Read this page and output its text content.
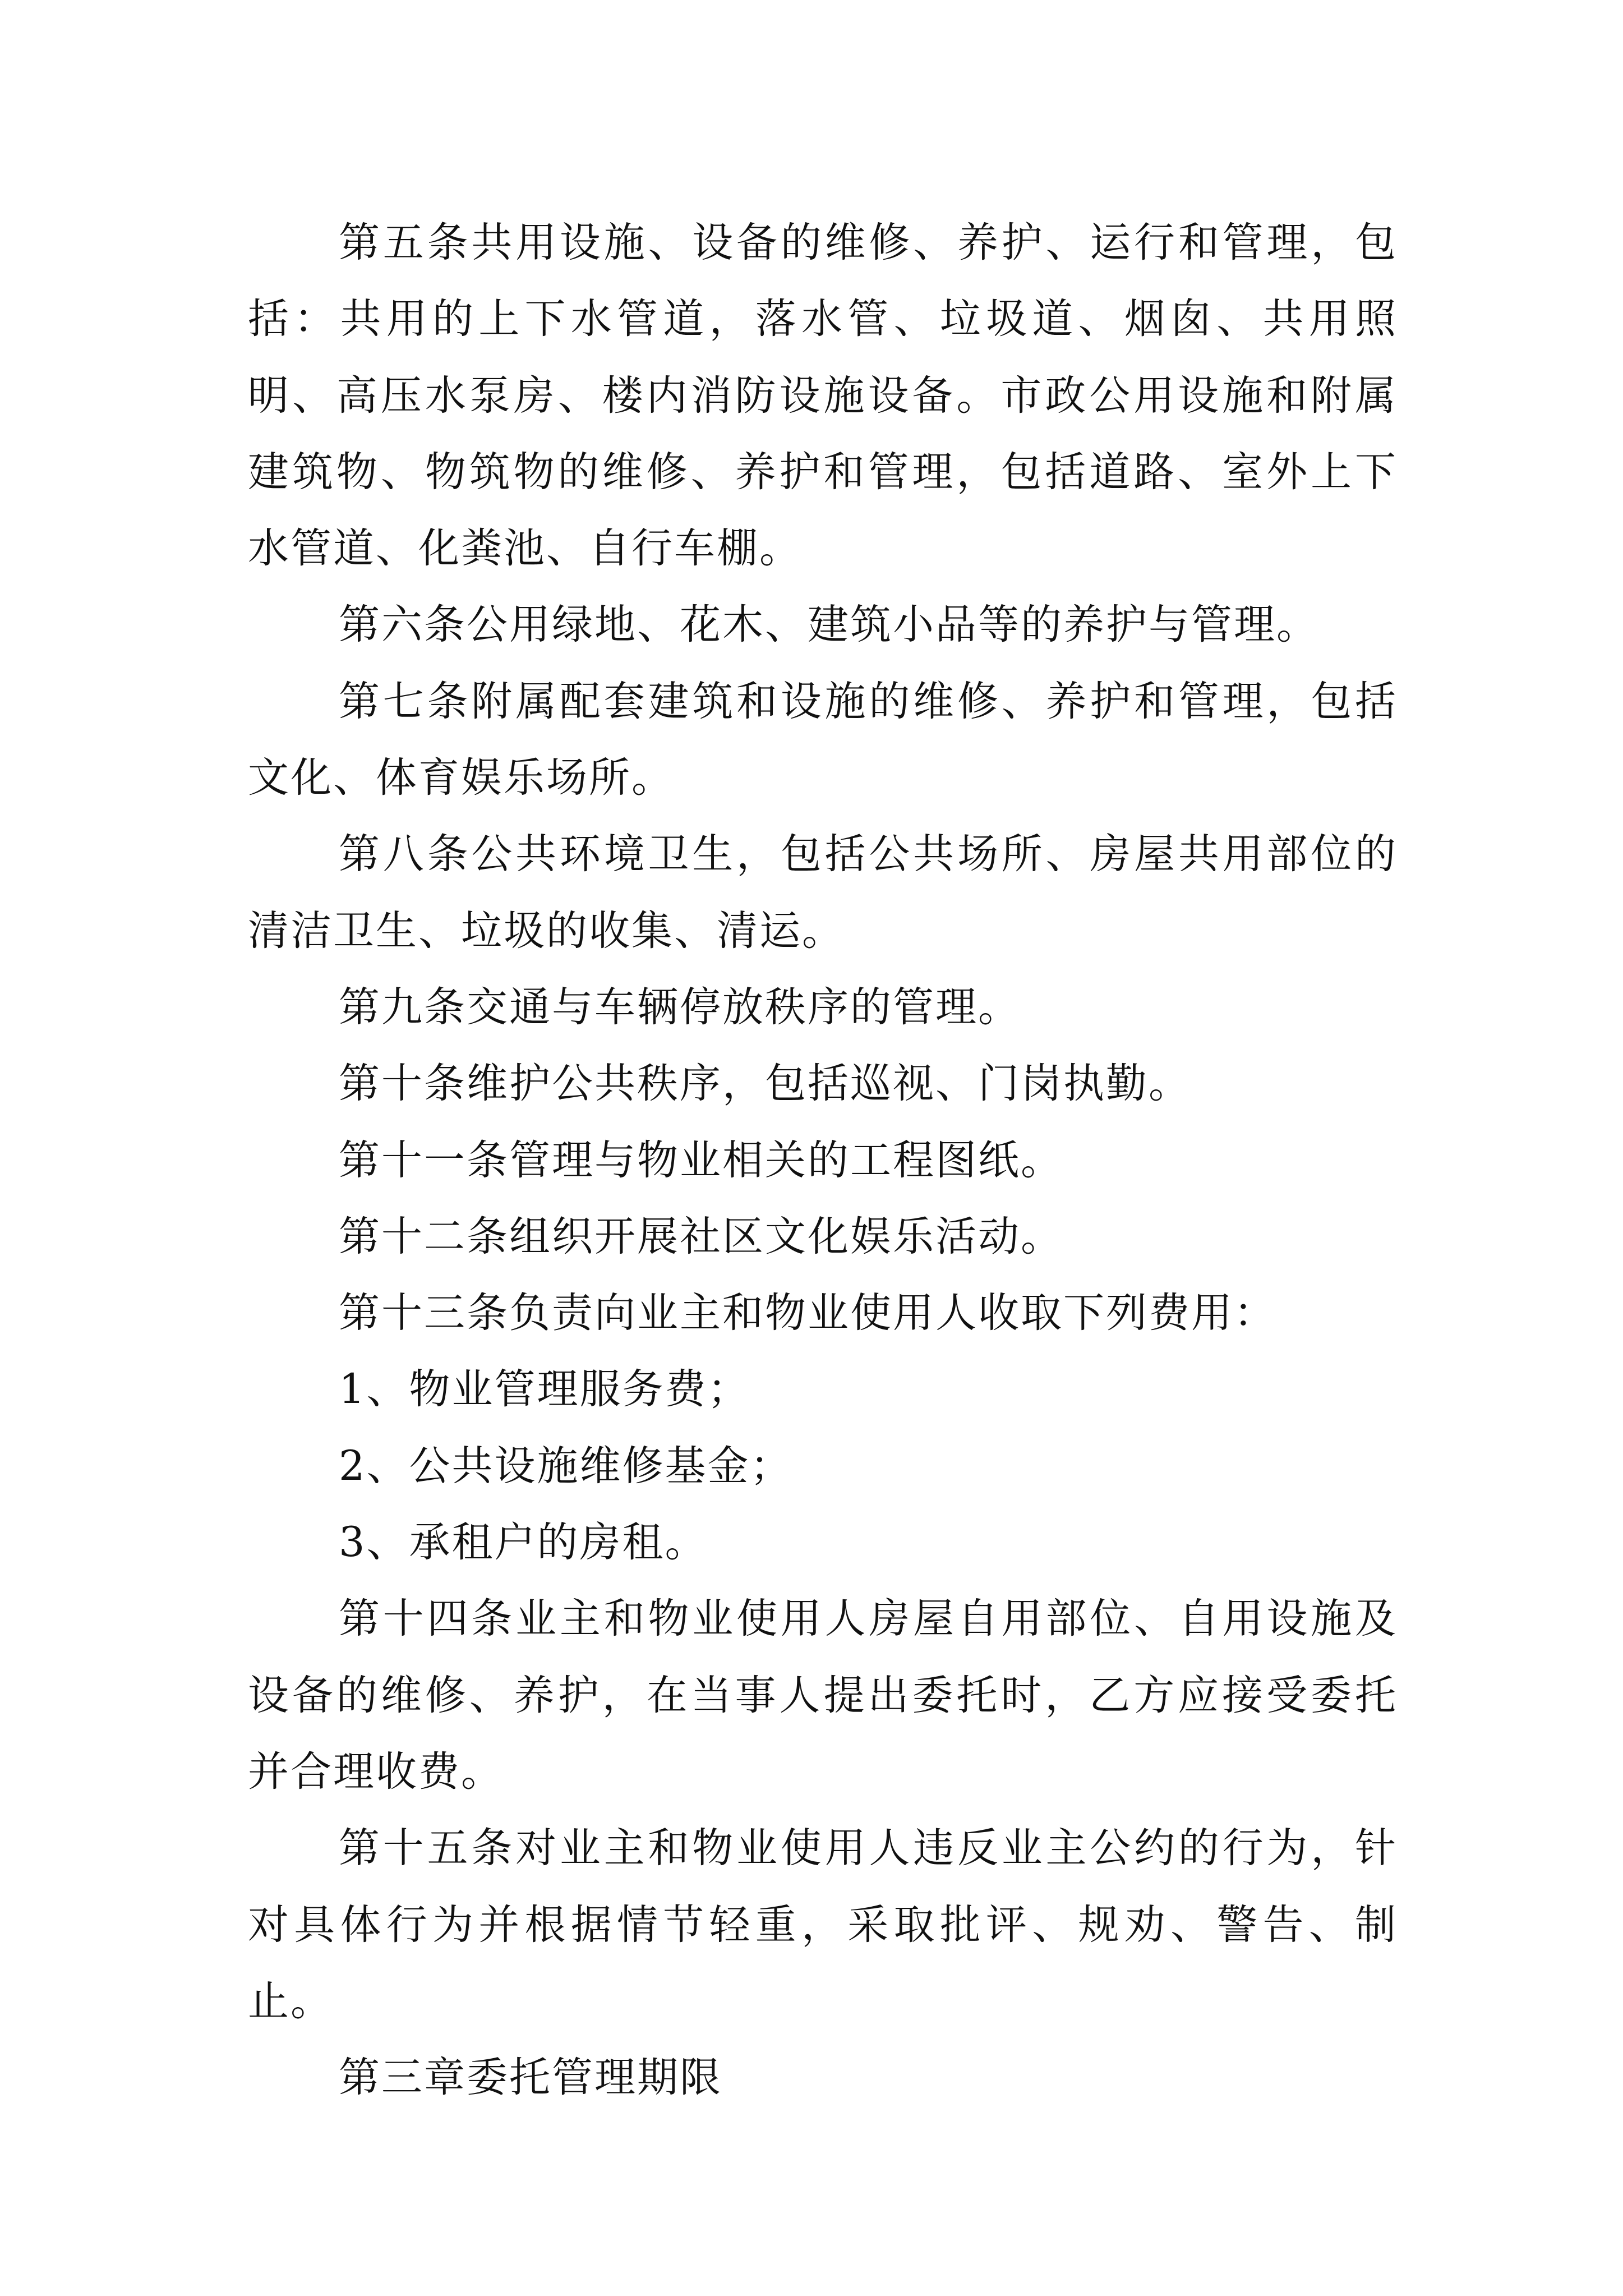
第五条共用设施、设备的维修、养护、运行和管理，包括：共用的上下水管道，落水管、垃圾道、烟囱、共用照明、高压水泵房、楼内消防设施设备。市政公用设施和附属建筑物、物筑物的维修、养护和管理，包括道路、室外上下水管道、化粪池、自行车棚。

第六条公用绿地、花木、建筑小品等的养护与管理。

第七条附属配套建筑和设施的维修、养护和管理，包括文化、体育娱乐场所。

第八条公共环境卫生，包括公共场所、房屋共用部位的清洁卫生、垃圾的收集、清运。

第九条交通与车辆停放秩序的管理。

第十条维护公共秩序，包括巡视、门岗执勤。

第十一条管理与物业相关的工程图纸。

第十二条组织开展社区文化娱乐活动。

第十三条负责向业主和物业使用人收取下列费用：

1、物业管理服务费；

2、公共设施维修基金；

3、承租户的房租。

第十四条业主和物业使用人房屋自用部位、自用设施及设备的维修、养护，在当事人提出委托时，乙方应接受委托并合理收费。

第十五条对业主和物业使用人违反业主公约的行为，针对具体行为并根据情节轻重，采取批评、规劝、警告、制止。

第三章委托管理期限
